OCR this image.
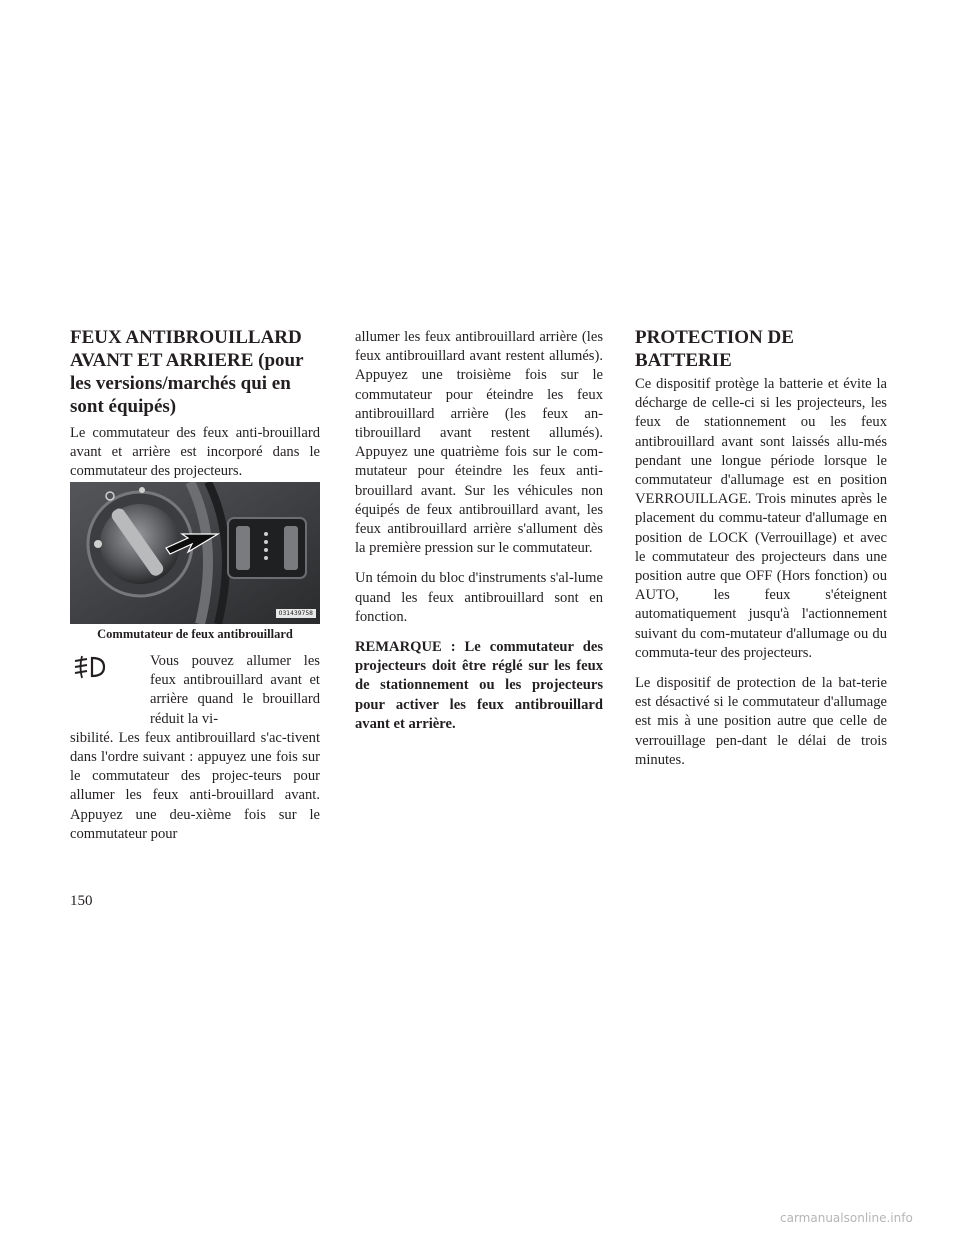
FEUX ANTIBROUILLARD AVANT ET ARRIERE (pour les versions/marchés qui en sont équipés)

Le commutateur des feux anti-brouillard avant et arrière est incorporé dans le commutateur des projecteurs.

031439758
Commutateur de feux antibrouillard

Vous pouvez allumer les feux antibrouillard avant et arrière quand le brouillard réduit la vi-

sibilité. Les feux antibrouillard s'ac-tivent dans l'ordre suivant : appuyez une fois sur le commutateur des projec-teurs pour allumer les feux anti-brouillard avant. Appuyez une deu-xième fois sur le commutateur pour

allumer les feux antibrouillard arrière (les feux antibrouillard avant restent allumés). Appuyez une troisième fois sur le commutateur pour éteindre les feux antibrouillard arrière (les feux an-tibrouillard avant restent allumés). Appuyez une quatrième fois sur le com-mutateur pour éteindre les feux anti-brouillard avant. Sur les véhicules non équipés de feux antibrouillard avant, les feux antibrouillard arrière s'allument dès la première pression sur le commutateur.

Un témoin du bloc d'instruments s'al-lume quand les feux antibrouillard sont en fonction.

REMARQUE : Le commutateur des projecteurs doit être réglé sur les feux de stationnement ou les projecteurs pour activer les feux antibrouillard avant et arrière.

PROTECTION DE BATTERIE

Ce dispositif protège la batterie et évite la décharge de celle-ci si les projecteurs, les feux de stationnement ou les feux antibrouillard avant sont laissés allu-més pendant une longue période lorsque le commutateur d'allumage est en position VERROUILLAGE. Trois minutes après le placement du commu-tateur d'allumage en position de LOCK (Verrouillage) et avec le commutateur des projecteurs dans une position autre que OFF (Hors fonction) ou AUTO, les feux s'éteignent automatiquement jusqu'à l'actionnement suivant du com-mutateur d'allumage ou du commuta-teur des projecteurs.

Le dispositif de protection de la bat-terie est désactivé si le commutateur d'allumage est mis à une position autre que celle de verrouillage pen-dant le délai de trois minutes.

150
carmanualsonline.info
